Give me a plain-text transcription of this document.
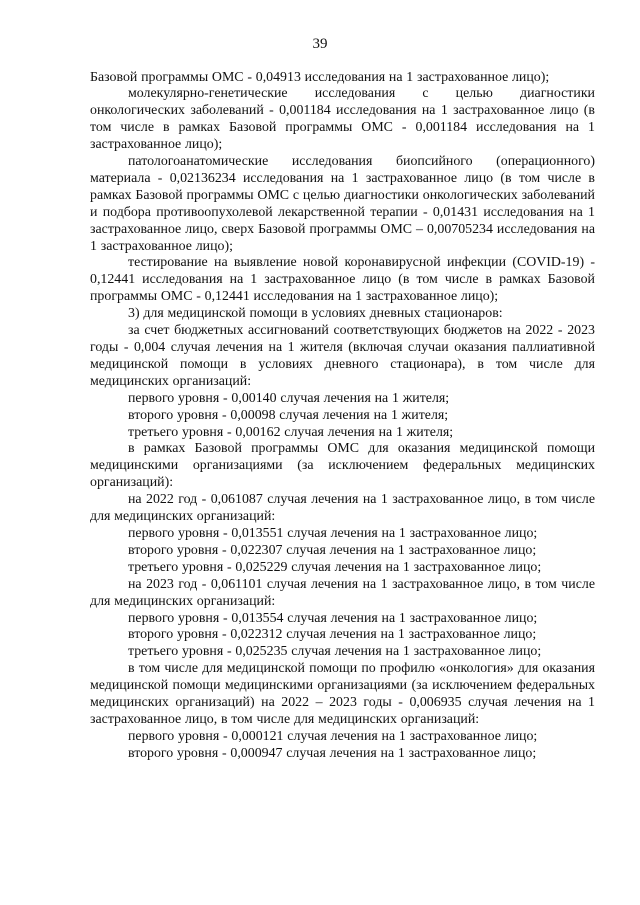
39

Базовой программы ОМС - 0,04913 исследования на 1 застрахованное лицо);

молекулярно-генетические исследования с целью диагностики онкологических заболеваний - 0,001184 исследования на 1 застрахованное лицо (в том числе в рамках Базовой программы ОМС - 0,001184 исследования на 1 застрахованное лицо);

патологоанатомические исследования биопсийного (операционного) материала - 0,02136234 исследования на 1 застрахованное лицо (в том числе в рамках Базовой программы ОМС с целью диагностики онкологических заболеваний и подбора противоопухолевой лекарственной терапии - 0,01431 исследования на 1 застрахованное лицо, сверх Базовой программы ОМС – 0,00705234 исследования на 1 застрахованное лицо);

тестирование на выявление новой коронавирусной инфекции (COVID-19) - 0,12441 исследования на 1 застрахованное лицо (в том числе в рамках Базовой программы ОМС - 0,12441 исследования на 1 застрахованное лицо);

3) для медицинской помощи в условиях дневных стационаров:

за счет бюджетных ассигнований соответствующих бюджетов на 2022 - 2023 годы - 0,004 случая лечения на 1 жителя (включая случаи оказания паллиативной медицинской помощи в условиях дневного стационара), в том числе для медицинских организаций:

первого уровня - 0,00140 случая лечения на 1 жителя;

второго уровня - 0,00098 случая лечения на 1 жителя;

третьего уровня - 0,00162 случая лечения на 1 жителя;

в рамках Базовой программы ОМС для оказания медицинской помощи медицинскими организациями (за исключением федеральных медицинских организаций):

на 2022 год - 0,061087 случая лечения на 1 застрахованное лицо, в том числе для медицинских организаций:

первого уровня - 0,013551 случая лечения на 1 застрахованное лицо;

второго уровня - 0,022307 случая лечения на 1 застрахованное лицо;

третьего уровня - 0,025229 случая лечения на 1 застрахованное лицо;

на 2023 год - 0,061101 случая лечения на 1 застрахованное лицо, в том числе для медицинских организаций:

первого уровня - 0,013554 случая лечения на 1 застрахованное лицо;

второго уровня - 0,022312 случая лечения на 1 застрахованное лицо;

третьего уровня - 0,025235 случая лечения на 1 застрахованное лицо;

в том числе для медицинской помощи по профилю «онкология» для оказания медицинской помощи медицинскими организациями (за исключением федеральных медицинских организаций) на 2022 – 2023 годы - 0,006935 случая лечения на 1 застрахованное лицо, в том числе для медицинских организаций:

первого уровня - 0,000121 случая лечения на 1 застрахованное лицо;

второго уровня - 0,000947 случая лечения на 1 застрахованное лицо;
